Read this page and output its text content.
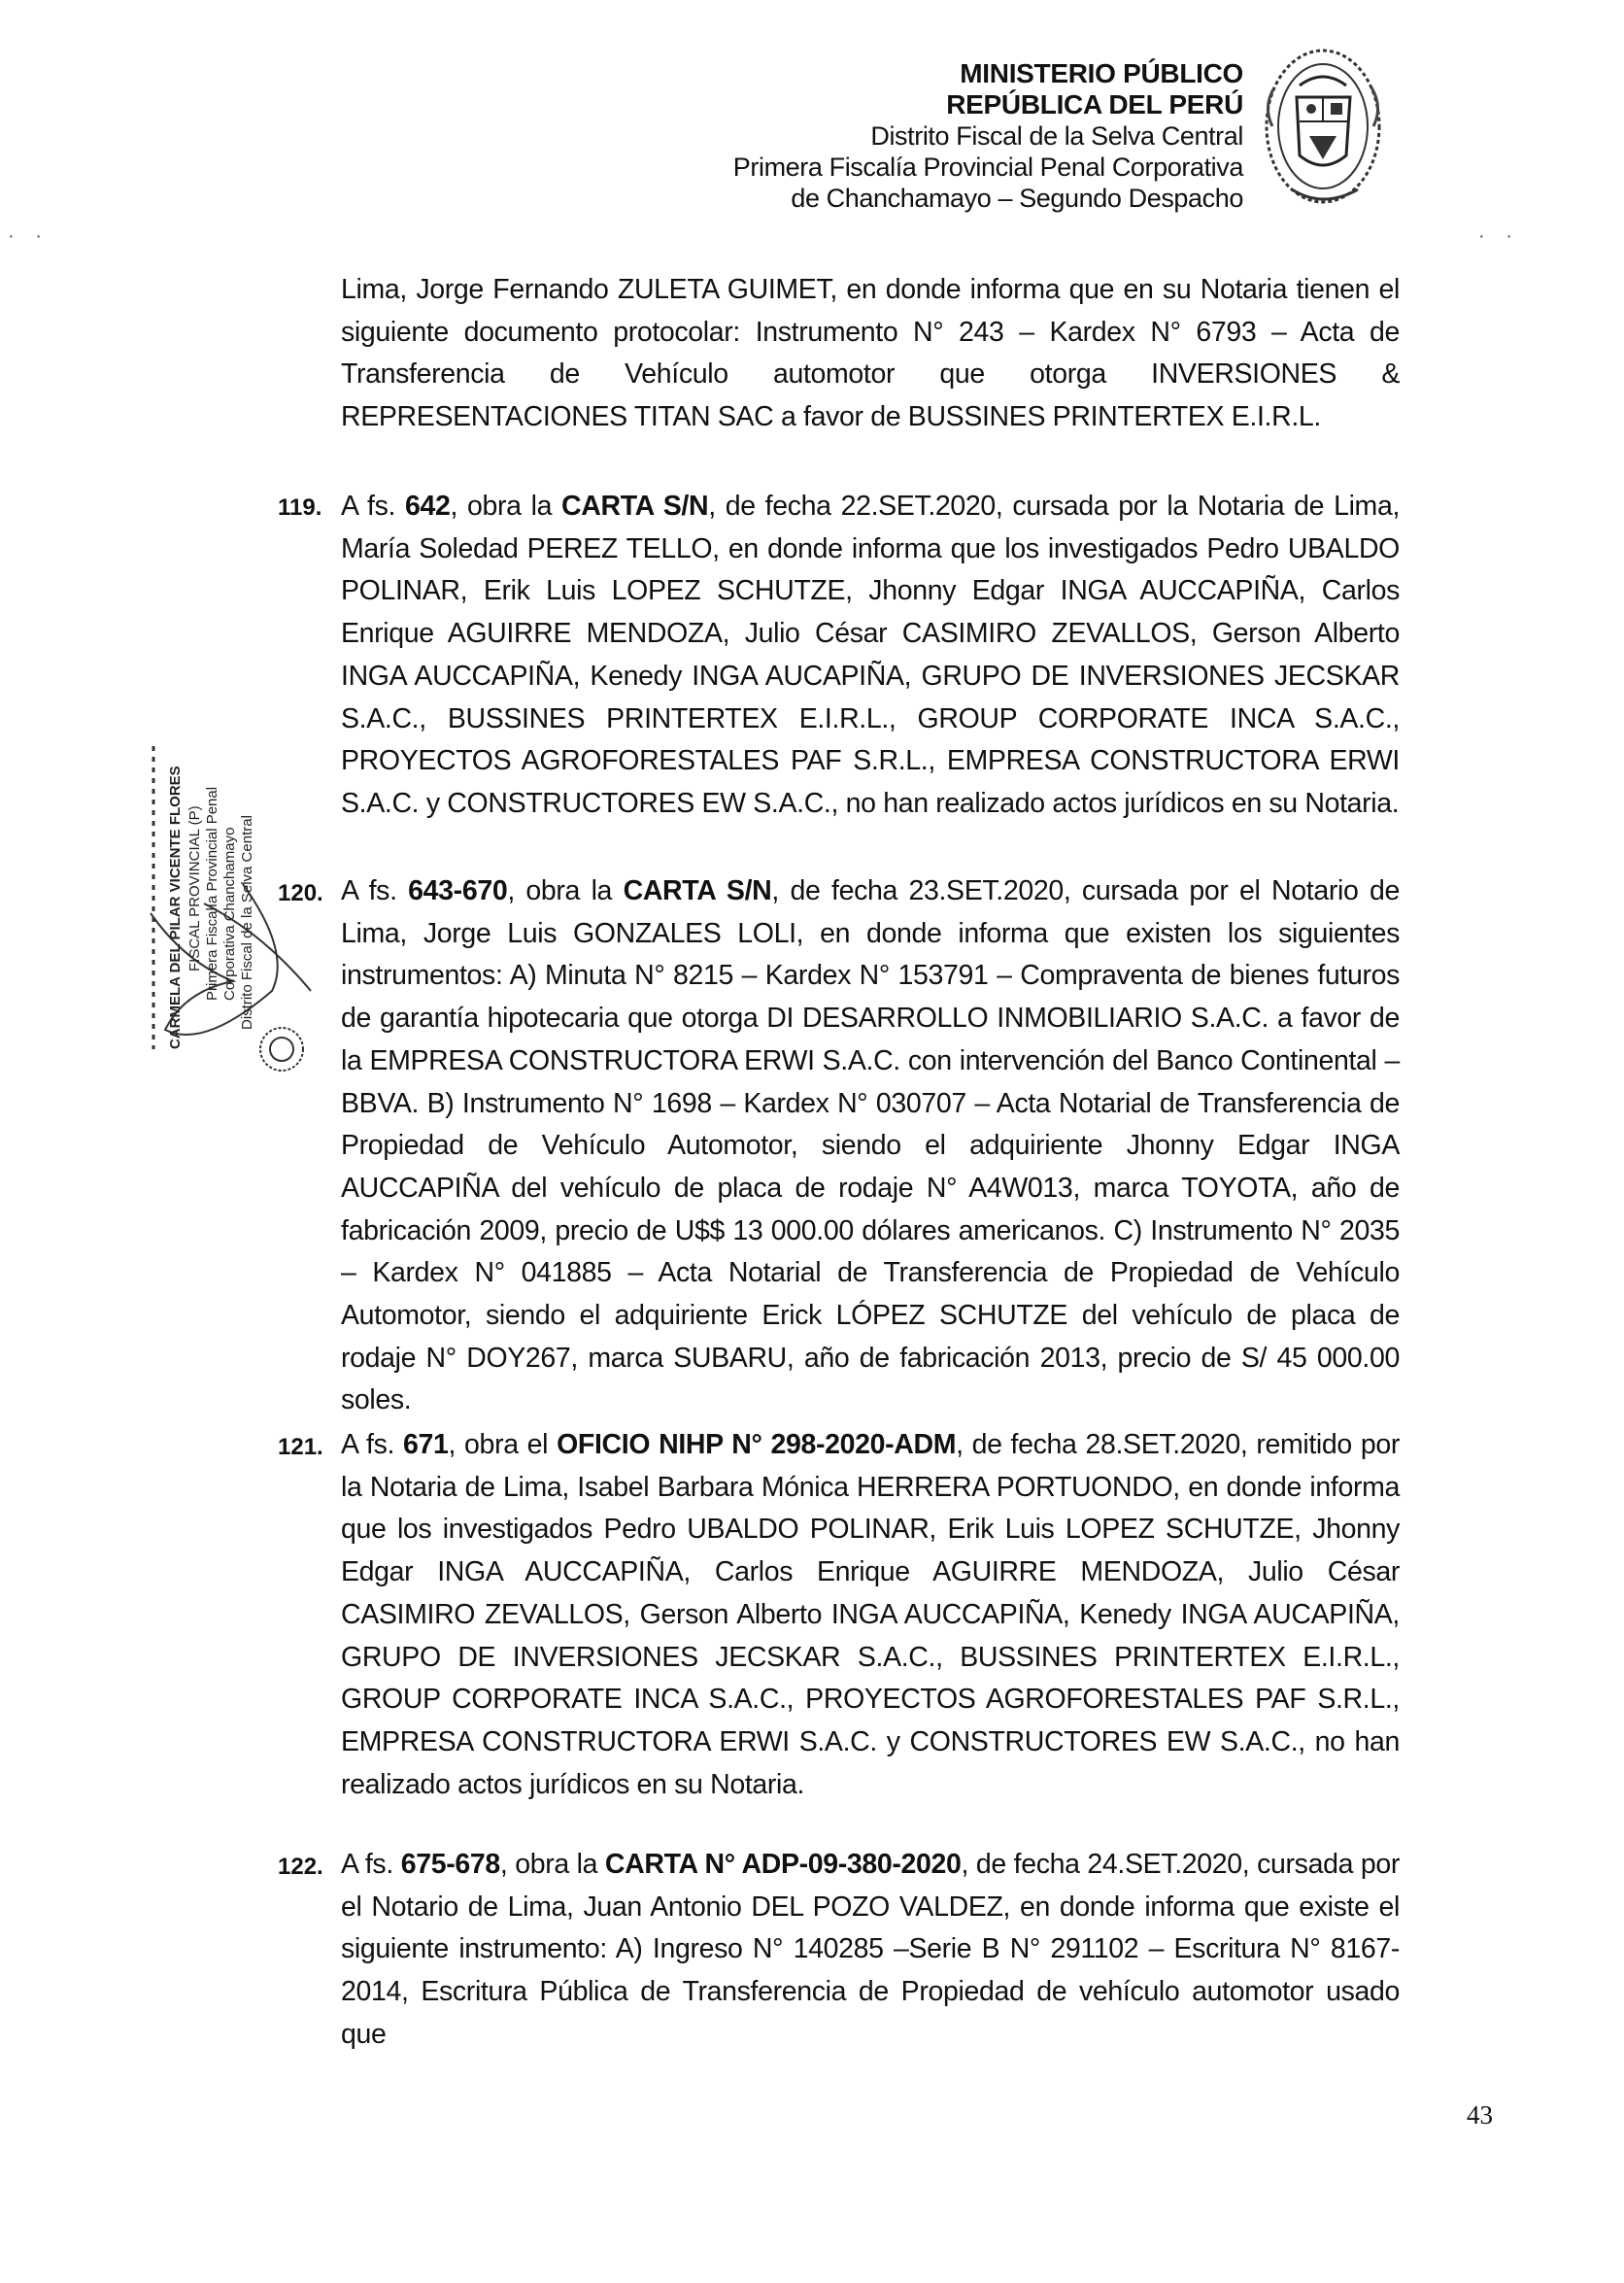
MINISTERIO PÚBLICO
REPÚBLICA DEL PERÚ
Distrito Fiscal de la Selva Central
Primera Fiscalía Provincial Penal Corporativa
de Chanchamayo – Segundo Despacho
· ·	· ·
Lima, Jorge Fernando ZULETA GUIMET, en donde informa que en su Notaria tienen el siguiente documento protocolar: Instrumento N° 243 – Kardex N° 6793 – Acta de Transferencia de Vehículo automotor que otorga INVERSIONES & REPRESENTACIONES TITAN SAC a favor de BUSSINES PRINTERTEX E.I.R.L.
119. A fs. 642, obra la CARTA S/N, de fecha 22.SET.2020, cursada por la Notaria de Lima, María Soledad PEREZ TELLO, en donde informa que los investigados Pedro UBALDO POLINAR, Erik Luis LOPEZ SCHUTZE, Jhonny Edgar INGA AUCCAPIÑA, Carlos Enrique AGUIRRE MENDOZA, Julio César CASIMIRO ZEVALLOS, Gerson Alberto INGA AUCCAPIÑA, Kenedy INGA AUCAPIÑA, GRUPO DE INVERSIONES JECSKAR S.A.C., BUSSINES PRINTERTEX E.I.R.L., GROUP CORPORATE INCA S.A.C., PROYECTOS AGROFORESTALES PAF S.R.L., EMPRESA CONSTRUCTORA ERWI S.A.C. y CONSTRUCTORES EW S.A.C., no han realizado actos jurídicos en su Notaria.
120. A fs. 643-670, obra la CARTA S/N, de fecha 23.SET.2020, cursada por el Notario de Lima, Jorge Luis GONZALES LOLI, en donde informa que existen los siguientes instrumentos: A) Minuta N° 8215 – Kardex N° 153791 – Compraventa de bienes futuros de garantía hipotecaria que otorga DI DESARROLLO INMOBILIARIO S.A.C. a favor de la EMPRESA CONSTRUCTORA ERWI S.A.C. con intervención del Banco Continental – BBVA. B) Instrumento N° 1698 – Kardex N° 030707 – Acta Notarial de Transferencia de Propiedad de Vehículo Automotor, siendo el adquiriente Jhonny Edgar INGA AUCCAPIÑA del vehículo de placa de rodaje N° A4W013, marca TOYOTA, año de fabricación 2009, precio de U$$ 13 000.00 dólares americanos. C) Instrumento N° 2035 – Kardex N° 041885 – Acta Notarial de Transferencia de Propiedad de Vehículo Automotor, siendo el adquiriente Erick LÓPEZ SCHUTZE del vehículo de placa de rodaje N° DOY267, marca SUBARU, año de fabricación 2013, precio de S/ 45 000.00 soles.
121. A fs. 671, obra el OFICIO NIHP N° 298-2020-ADM, de fecha 28.SET.2020, remitido por la Notaria de Lima, Isabel Barbara Mónica HERRERA PORTUONDO, en donde informa que los investigados Pedro UBALDO POLINAR, Erik Luis LOPEZ SCHUTZE, Jhonny Edgar INGA AUCCAPIÑA, Carlos Enrique AGUIRRE MENDOZA, Julio César CASIMIRO ZEVALLOS, Gerson Alberto INGA AUCCAPIÑA, Kenedy INGA AUCAPIÑA, GRUPO DE INVERSIONES JECSKAR S.A.C., BUSSINES PRINTERTEX E.I.R.L., GROUP CORPORATE INCA S.A.C., PROYECTOS AGROFORESTALES PAF S.R.L., EMPRESA CONSTRUCTORA ERWI S.A.C. y CONSTRUCTORES EW S.A.C., no han realizado actos jurídicos en su Notaria.
122. A fs. 675-678, obra la CARTA N° ADP-09-380-2020, de fecha 24.SET.2020, cursada por el Notario de Lima, Juan Antonio DEL POZO VALDEZ, en donde informa que existe el siguiente instrumento: A) Ingreso N° 140285 –Serie B N° 291102 – Escritura N° 8167-2014, Escritura Pública de Transferencia de Propiedad de vehículo automotor usado que
CARMELA DEL PILAR VICENTE FLORES FISCAL PROVINCIAL (P) Primera Fiscalía Provincial Penal Corporativa Chanchamayo Distrito Fiscal de la Selva Central
43
